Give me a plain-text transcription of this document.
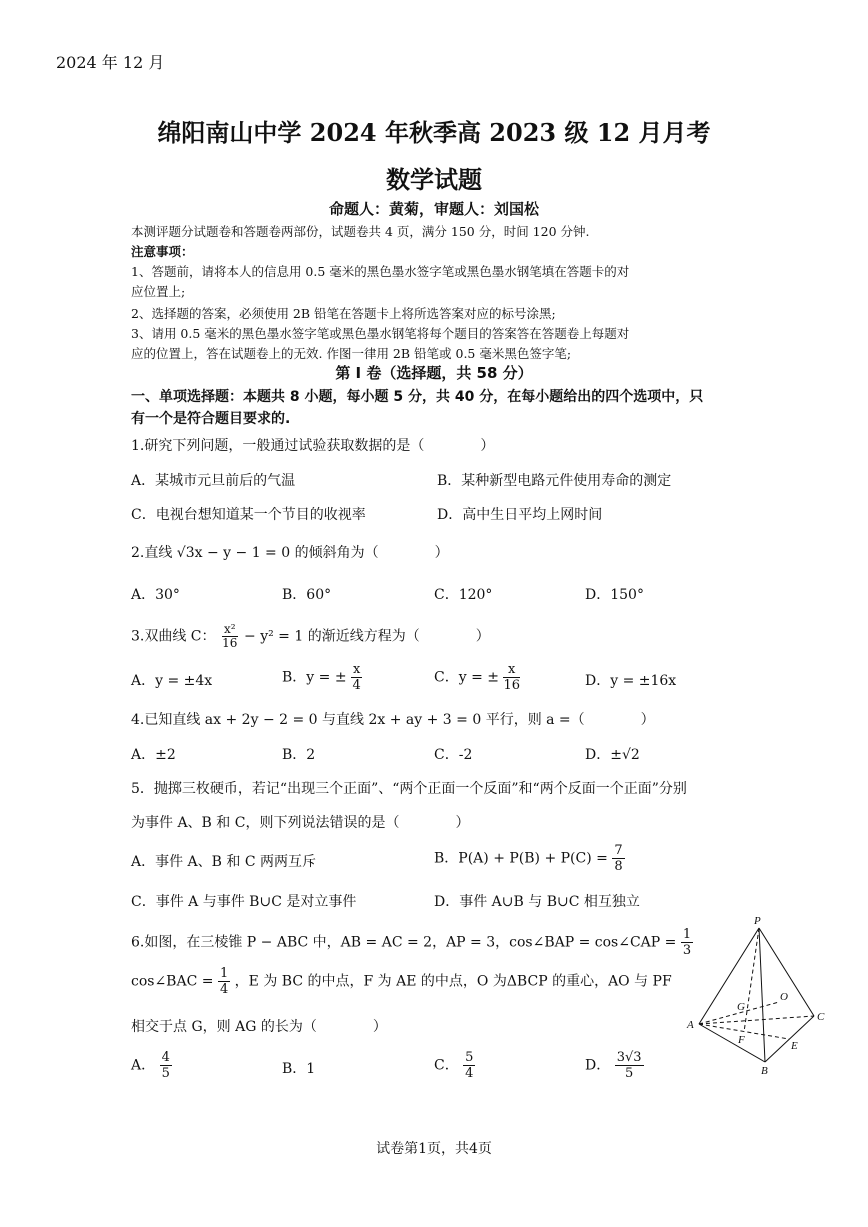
2024 年 12 月
绵阳南山中学 2024 年秋季高 2023 级 12 月月考
数学试题
命题人：黄菊，审题人：刘国松
本测评题分试题卷和答题卷两部份，试题卷共 4 页，满分 150 分，时间 120 分钟.
注意事项：
1、答题前，请将本人的信息用 0.5 毫米的黑色墨水签字笔或黑色墨水钢笔填在答题卡的对
应位置上;
2、选择题的答案，必须使用 2B 铅笔在答题卡上将所选答案对应的标号涂黑;
3、请用 0.5 毫米的黑色墨水签字笔或黑色墨水钢笔将每个题目的答案答在答题卷上每题对
应的位置上，答在试题卷上的无效. 作图一律用 2B 铅笔或 0.5 毫米黑色签字笔;
第 I 卷（选择题，共 58 分）
一、单项选择题：本题共 8 小题，每小题 5 分，共 40 分，在每小题给出的四个选项中，只
有一个是符合题目要求的.
1.研究下列问题，一般通过试验获取数据的是（　　　　）
A．某城市元旦前后的气温	B．某种新型电路元件使用寿命的测定
C．电视台想知道某一个节目的收视率	D．高中生日平均上网时间
2.直线 √3x − y − 1 = 0 的倾斜角为（　　　　）
A．30°	B．60°	C．120°	D．150°
3.双曲线 C： $\frac{\text{x²}}{16} - y^2 = 1$ 的渐近线方程为（　　　　）
A．y = ±4x	B．y = ± $\frac{x}{4}$	C．y = ± $\frac{x}{16}$	D．y = ±16x
4.已知直线 ax + 2y − 2 = 0 与直线 2x + ay + 3 = 0 平行，则 a =（　　　　）
A．±2	B．2	C．-2	D．±√2
5．抛掷三枚硬币，若记“出现三个正面”、“两个正面一个反面”和“两个反面一个正面”分别
为事件 A、B 和 C，则下列说法错误的是（　　　　）
A．事件 A、B 和 C 两两互斥	B．$P(A) + P(B) + P(C) = \frac{7}{8}$
C．事件 A 与事件 B∪C 是对立事件	D．事件 A∪B 与 B∪C 相互独立
6.如图，在三棱锥 P − ABC 中，AB = AC = 2，AP = 3，cos∠BAP = cos∠CAP = $\frac{1}{3}$
cos∠BAC = $\frac{1}{4}$ ，E 为 BC 的中点，F 为 AE 的中点，O 为ΔBCP 的重心，AO 与 PF
相交于点 G，则 AG 的长为（　　　　）
A． $\frac{4}{5}$	B．1	C． $\frac{5}{4}$	D． $\frac{3√3}{5}$
P
A
B
C
E
F
O
G
试卷第1页，共4页
